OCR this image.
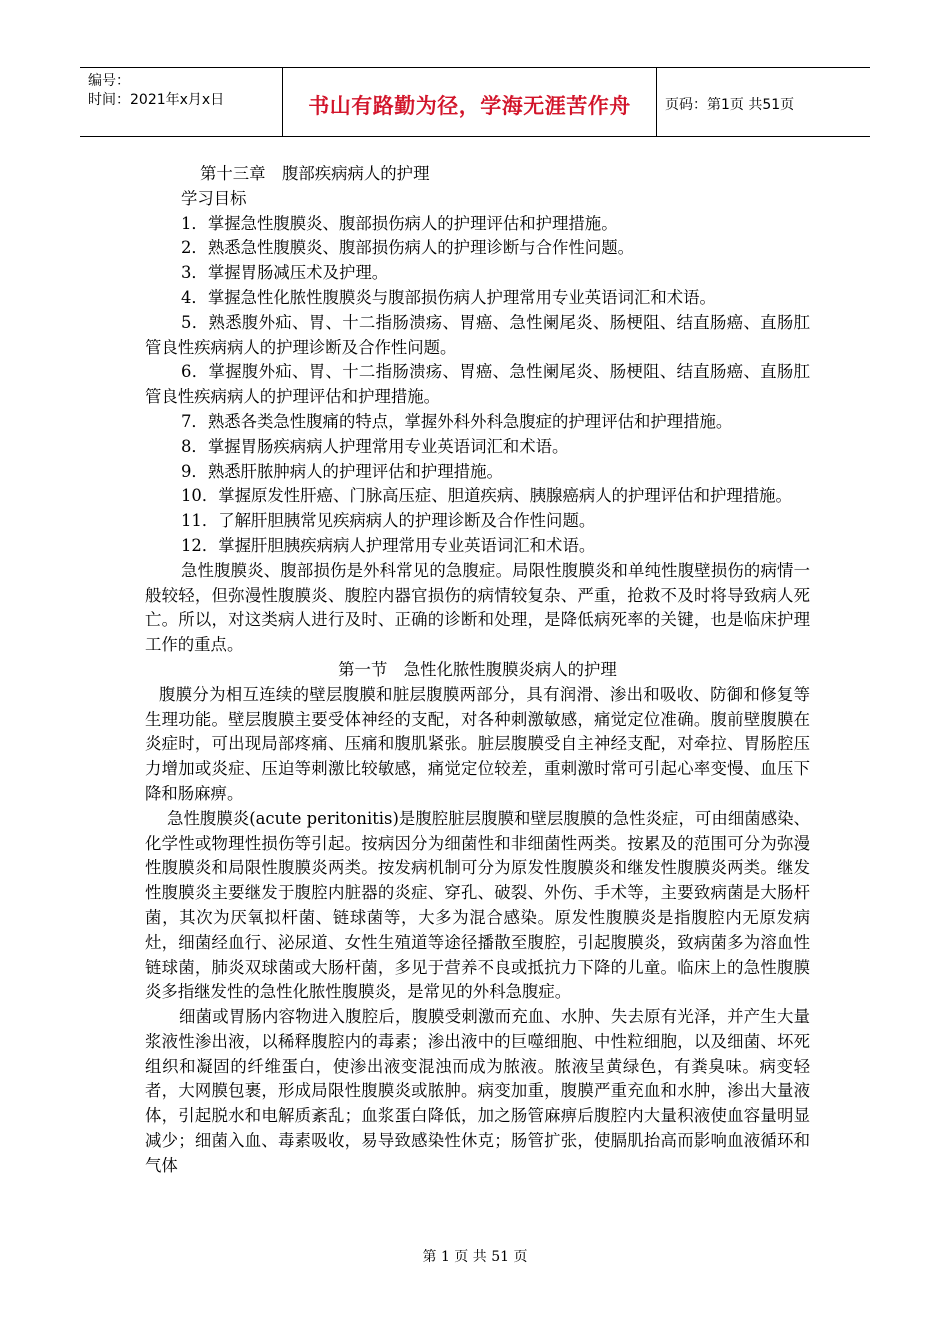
编号：
时间：2021年x月x日	书山有路勤为径，学海无涯苦作舟	页码：第1页 共51页

第十三章　腹部疾病病人的护理

学习目标

1．掌握急性腹膜炎、腹部损伤病人的护理评估和护理措施。

2．熟悉急性腹膜炎、腹部损伤病人的护理诊断与合作性问题。

3．掌握胃肠减压术及护理。

4．掌握急性化脓性腹膜炎与腹部损伤病人护理常用专业英语词汇和术语。

5．熟悉腹外疝、胃、十二指肠溃疡、胃癌、急性阑尾炎、肠梗阻、结直肠癌、直肠肛管良性疾病病人的护理诊断及合作性问题。

6．掌握腹外疝、胃、十二指肠溃疡、胃癌、急性阑尾炎、肠梗阻、结直肠癌、直肠肛管良性疾病病人的护理评估和护理措施。

7．熟悉各类急性腹痛的特点，掌握外科外科急腹症的护理评估和护理措施。

8．掌握胃肠疾病病人护理常用专业英语词汇和术语。

9．熟悉肝脓肿病人的护理评估和护理措施。

10．掌握原发性肝癌、门脉高压症、胆道疾病、胰腺癌病人的护理评估和护理措施。

11．了解肝胆胰常见疾病病人的护理诊断及合作性问题。

12．掌握肝胆胰疾病病人护理常用专业英语词汇和术语。

急性腹膜炎、腹部损伤是外科常见的急腹症。局限性腹膜炎和单纯性腹壁损伤的病情一般较轻，但弥漫性腹膜炎、腹腔内器官损伤的病情较复杂、严重，抢救不及时将导致病人死亡。所以，对这类病人进行及时、正确的诊断和处理，是降低病死率的关键，也是临床护理工作的重点。

第一节　急性化脓性腹膜炎病人的护理

腹膜分为相互连续的壁层腹膜和脏层腹膜两部分，具有润滑、渗出和吸收、防御和修复等生理功能。壁层腹膜主要受体神经的支配，对各种刺激敏感，痛觉定位准确。腹前壁腹膜在炎症时，可出现局部疼痛、压痛和腹肌紧张。脏层腹膜受自主神经支配，对牵拉、胃肠腔压力增加或炎症、压迫等刺激比较敏感，痛觉定位较差，重刺激时常可引起心率变慢、血压下降和肠麻痹。

急性腹膜炎(acute peritonitis)是腹腔脏层腹膜和壁层腹膜的急性炎症，可由细菌感染、化学性或物理性损伤等引起。按病因分为细菌性和非细菌性两类。按累及的范围可分为弥漫性腹膜炎和局限性腹膜炎两类。按发病机制可分为原发性腹膜炎和继发性腹膜炎两类。继发性腹膜炎主要继发于腹腔内脏器的炎症、穿孔、破裂、外伤、手术等，主要致病菌是大肠杆菌，其次为厌氧拟杆菌、链球菌等，大多为混合感染。原发性腹膜炎是指腹腔内无原发病灶，细菌经血行、泌尿道、女性生殖道等途径播散至腹腔，引起腹膜炎，致病菌多为溶血性链球菌，肺炎双球菌或大肠杆菌，多见于营养不良或抵抗力下降的儿童。临床上的急性腹膜炎多指继发性的急性化脓性腹膜炎，是常见的外科急腹症。

细菌或胃肠内容物进入腹腔后，腹膜受刺激而充血、水肿、失去原有光泽，并产生大量浆液性渗出液，以稀释腹腔内的毒素；渗出液中的巨噬细胞、中性粒细胞，以及细菌、坏死组织和凝固的纤维蛋白，使渗出液变混浊而成为脓液。脓液呈黄绿色，有粪臭味。病变轻者，大网膜包裹，形成局限性腹膜炎或脓肿。病变加重，腹膜严重充血和水肿，渗出大量液体，引起脱水和电解质紊乱；血浆蛋白降低，加之肠管麻痹后腹腔内大量积液使血容量明显减少；细菌入血、毒素吸收，易导致感染性休克；肠管扩张，使膈肌抬高而影响血液循环和气体

第 1 页 共 51 页
